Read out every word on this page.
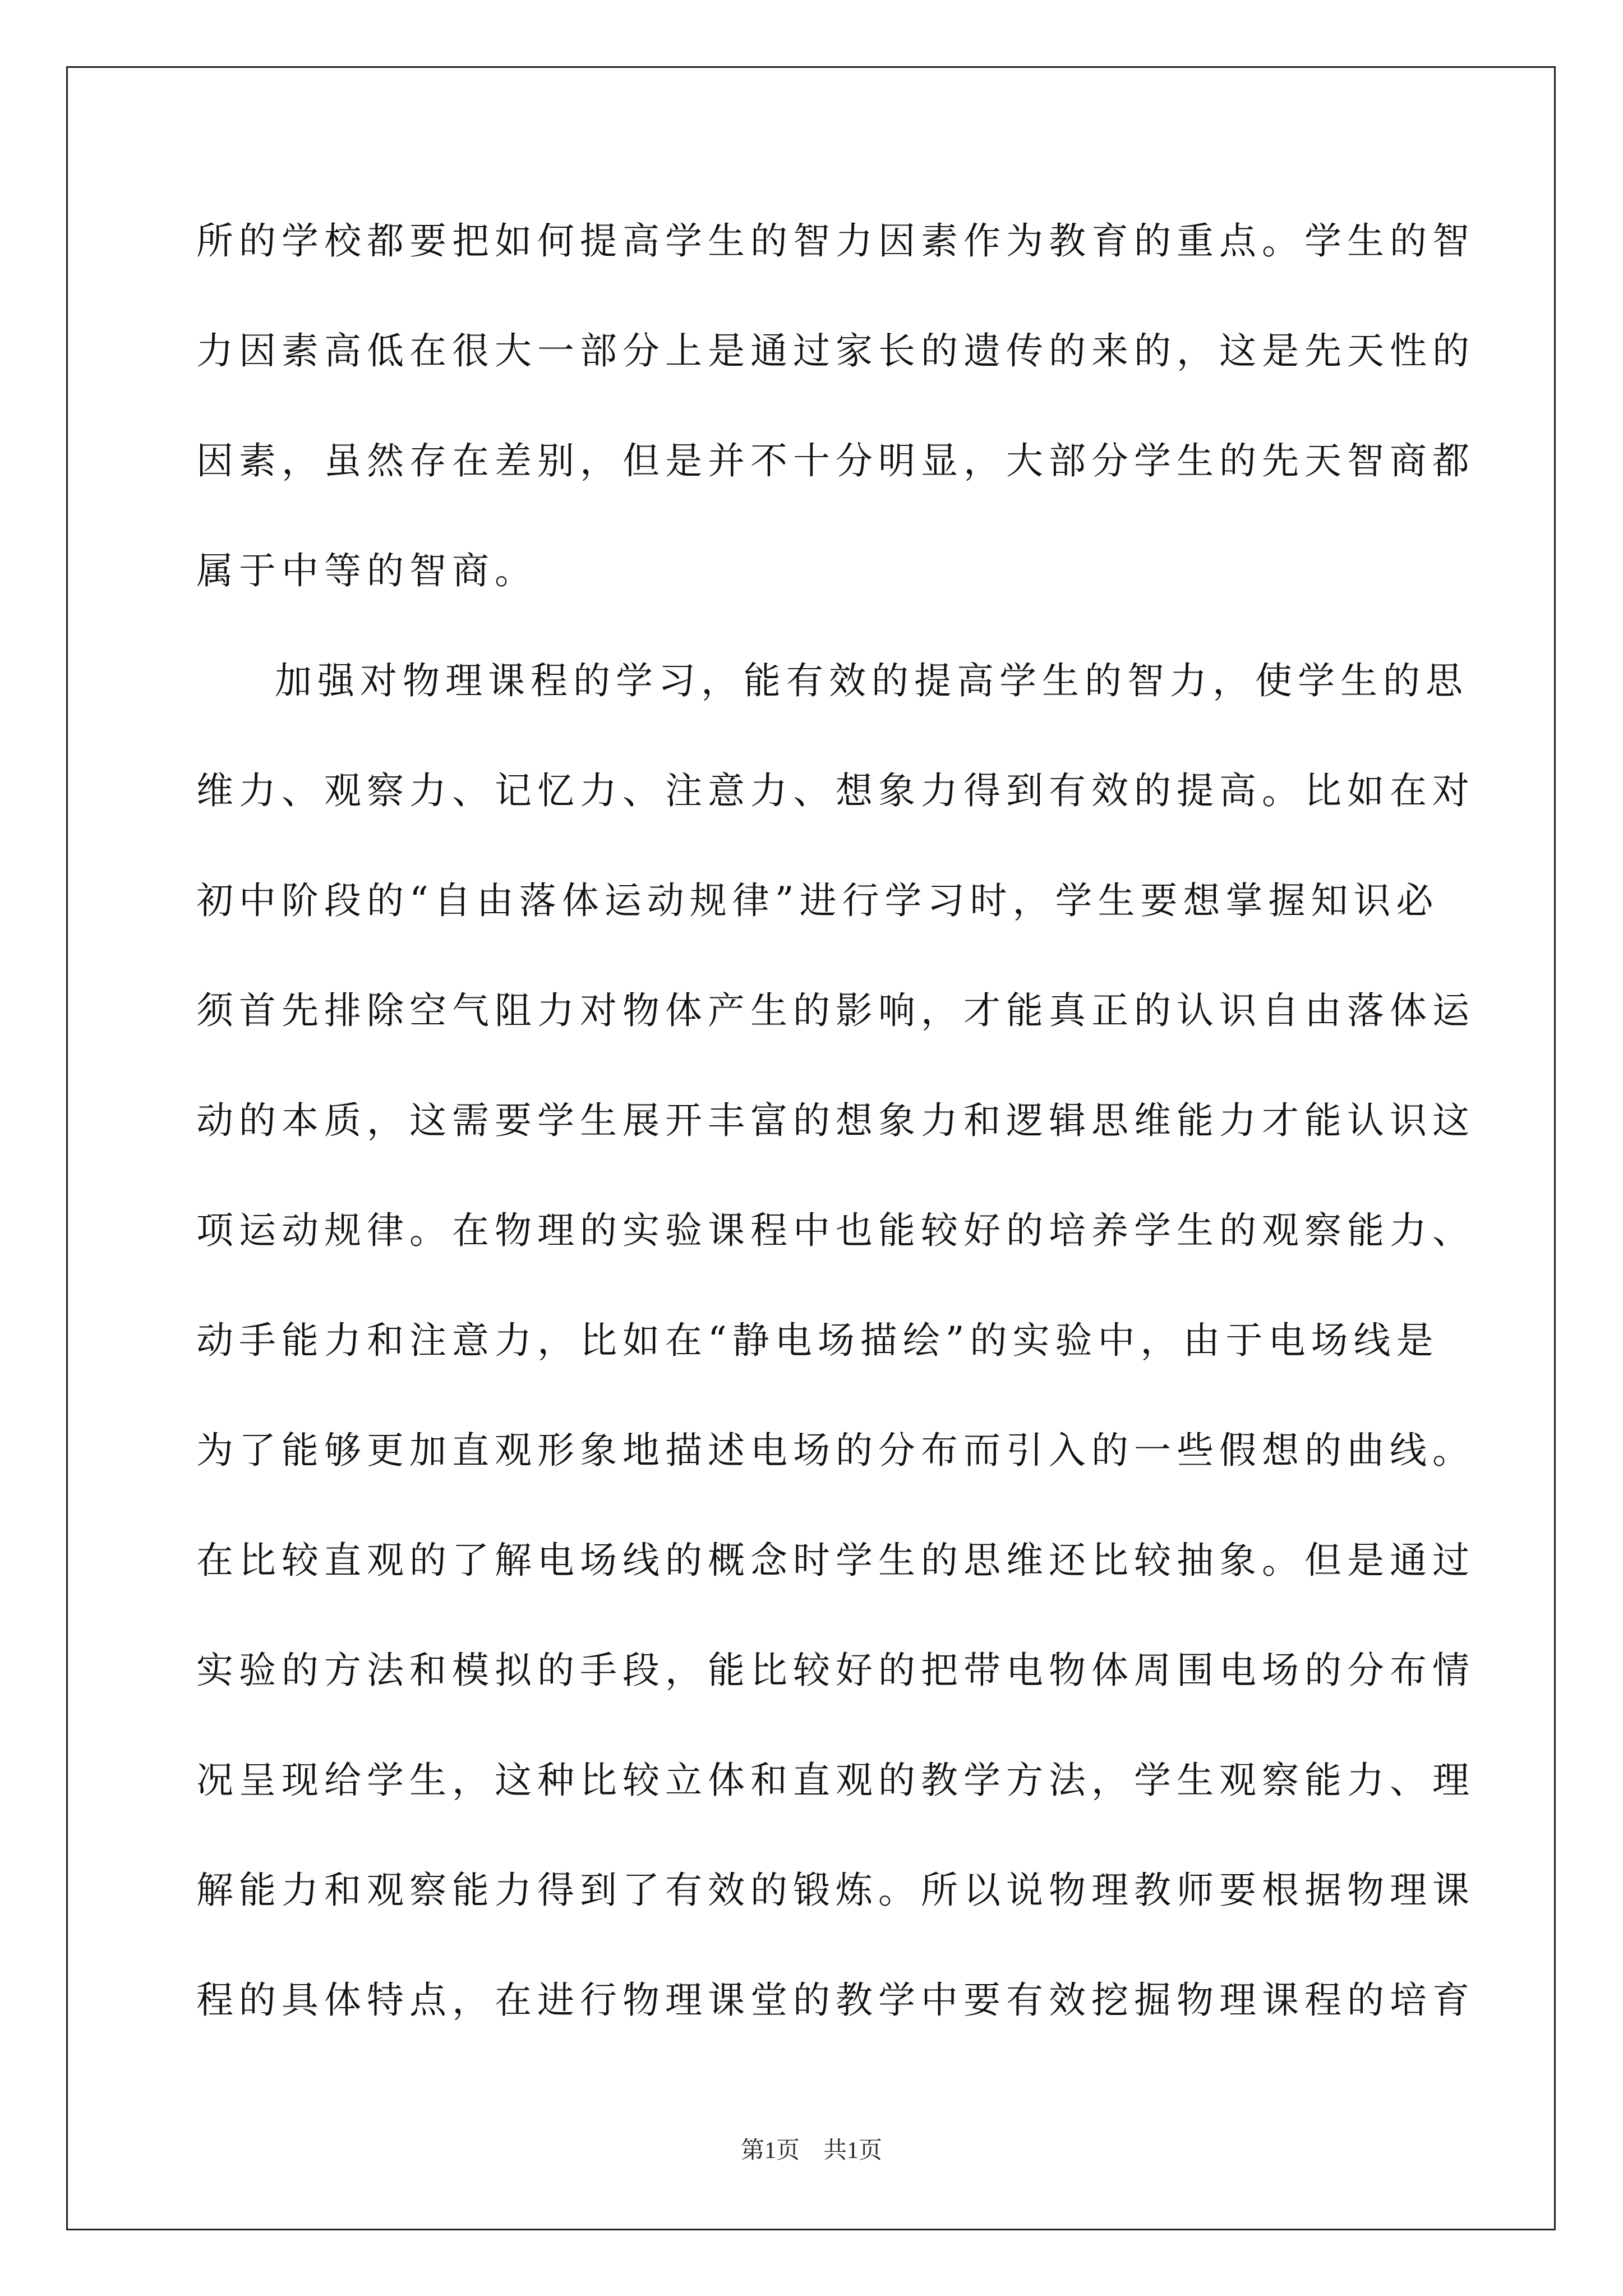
所的学校都要把如何提高学生的智力因素作为教育的重点。学生的智
力因素高低在很大一部分上是通过家长的遗传的来的，这是先天性的
因素，虽然存在差别，但是并不十分明显，大部分学生的先天智商都
属于中等的智商。
加强对物理课程的学习，能有效的提高学生的智力，使学生的思
维力、观察力、记忆力、注意力、想象力得到有效的提高。比如在对
初中阶段的“自由落体运动规律”进行学习时，学生要想掌握知识必
须首先排除空气阻力对物体产生的影响，才能真正的认识自由落体运
动的本质，这需要学生展开丰富的想象力和逻辑思维能力才能认识这
项运动规律。在物理的实验课程中也能较好的培养学生的观察能力、
动手能力和注意力，比如在“静电场描绘”的实验中，由于电场线是
为了能够更加直观形象地描述电场的分布而引入的一些假想的曲线。
在比较直观的了解电场线的概念时学生的思维还比较抽象。但是通过
实验的方法和模拟的手段，能比较好的把带电物体周围电场的分布情
况呈现给学生，这种比较立体和直观的教学方法，学生观察能力、理
解能力和观察能力得到了有效的锻炼。所以说物理教师要根据物理课
程的具体特点，在进行物理课堂的教学中要有效挖掘物理课程的培育
第1页　共1页
